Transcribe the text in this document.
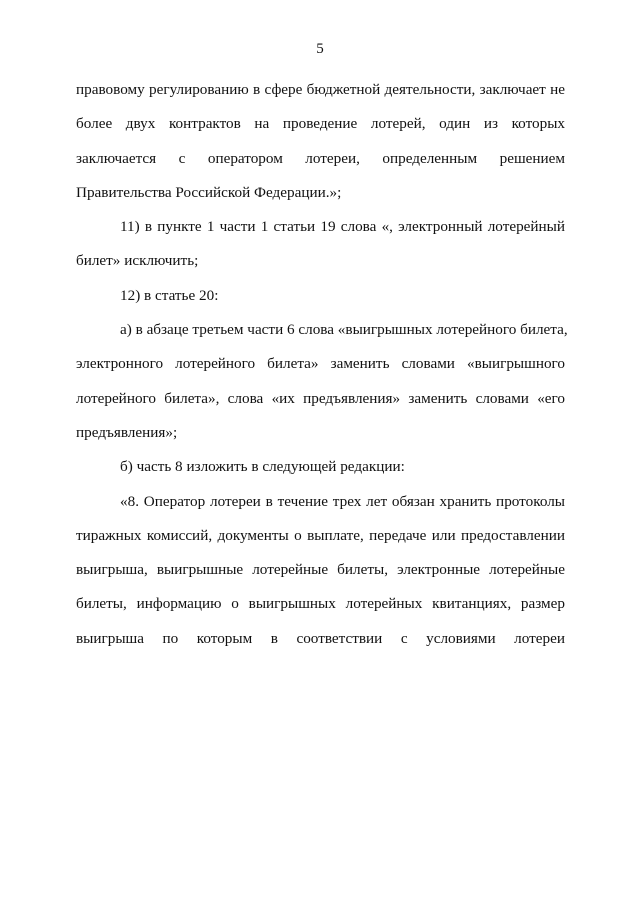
5
правовому регулированию в сфере бюджетной деятельности, заключает не
более двух контрактов на проведение лотерей, один из которых
заключается с оператором лотереи, определенным решением
Правительства Российской Федерации.»;
11) в пункте 1 части 1 статьи 19 слова «, электронный лотерейный
билет» исключить;
12) в статье 20:
а) в абзаце третьем части 6 слова «выигрышных лотерейного билета,
электронного лотерейного билета» заменить словами «выигрышного
лотерейного билета», слова «их предъявления» заменить словами «его
предъявления»;
б) часть 8 изложить в следующей редакции:
«8. Оператор лотереи в течение трех лет обязан хранить протоколы
тиражных комиссий, документы о выплате, передаче или предоставлении
выигрыша, выигрышные лотерейные билеты, электронные лотерейные
билеты, информацию о выигрышных лотерейных квитанциях, размер
выигрыша по которым в соответствии с условиями лотереи
